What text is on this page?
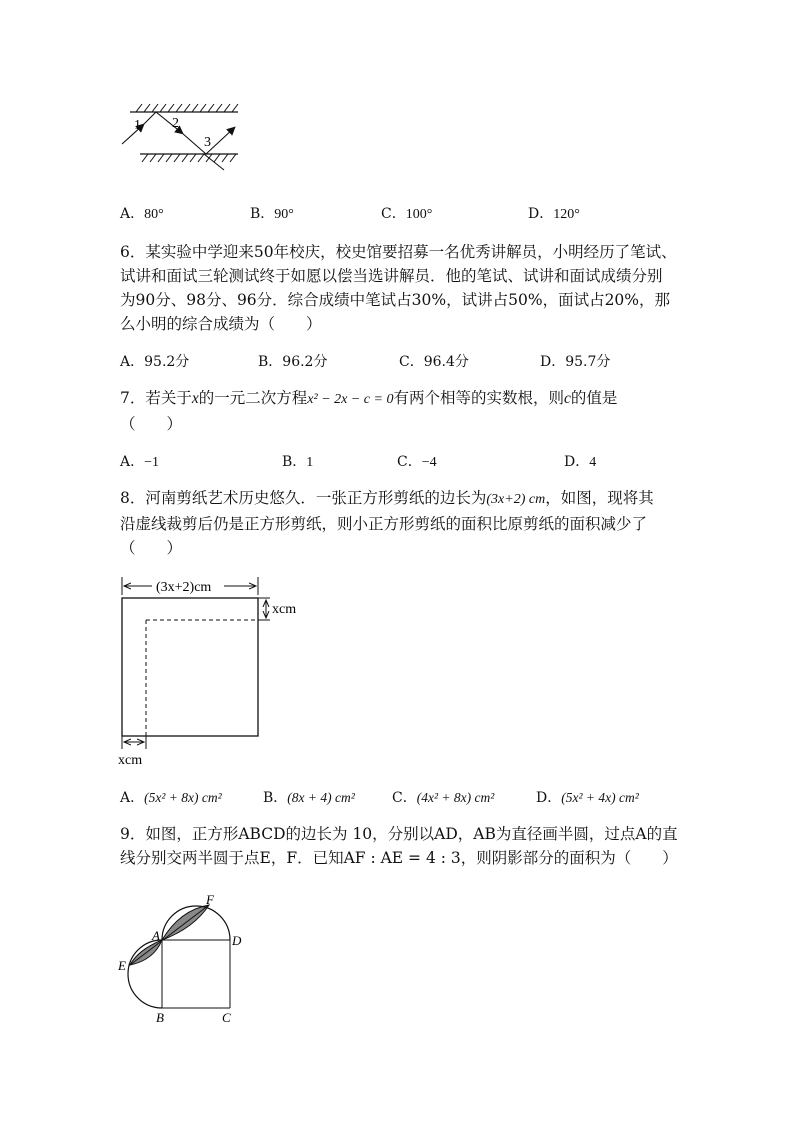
1 2
3
A．80°	B．90°	C．100°	D．120°
6．某实验中学迎来50年校庆，校史馆要招募一名优秀讲解员，小明经历了笔试、
试讲和面试三轮测试终于如愿以偿当选讲解员．他的笔试、试讲和面试成绩分别
为90分、98分、96分．综合成绩中笔试占30%，试讲占50%，面试占20%，那
么小明的综合成绩为（　　）
A．95.2分	B．96.2分	C．96.4分	D．95.7分
7．若关于x的一元二次方程x² − 2x − c = 0有两个相等的实数根，则c的值是
（　　）
A．−1	B．1	C．−4	D．4
8．河南剪纸艺术历史悠久．一张正方形剪纸的边长为(3x+2) cm，如图，现将其
沿虚线裁剪后仍是正方形剪纸，则小正方形剪纸的面积比原剪纸的面积减少了
（　　）
(3x+2)cm
xcm
xcm
A．(5x² + 8x) cm²	B．(8x + 4) cm²	C．(4x² + 8x) cm²	D．(5x² + 4x) cm²
9．如图，正方形ABCD的边长为 10，分别以AD，AB为直径画半圆，过点A的直
线分别交两半圆于点E，F．已知AF : AE = 4 : 3，则阴影部分的面积为（　　）
A
B	C
D
E
F
